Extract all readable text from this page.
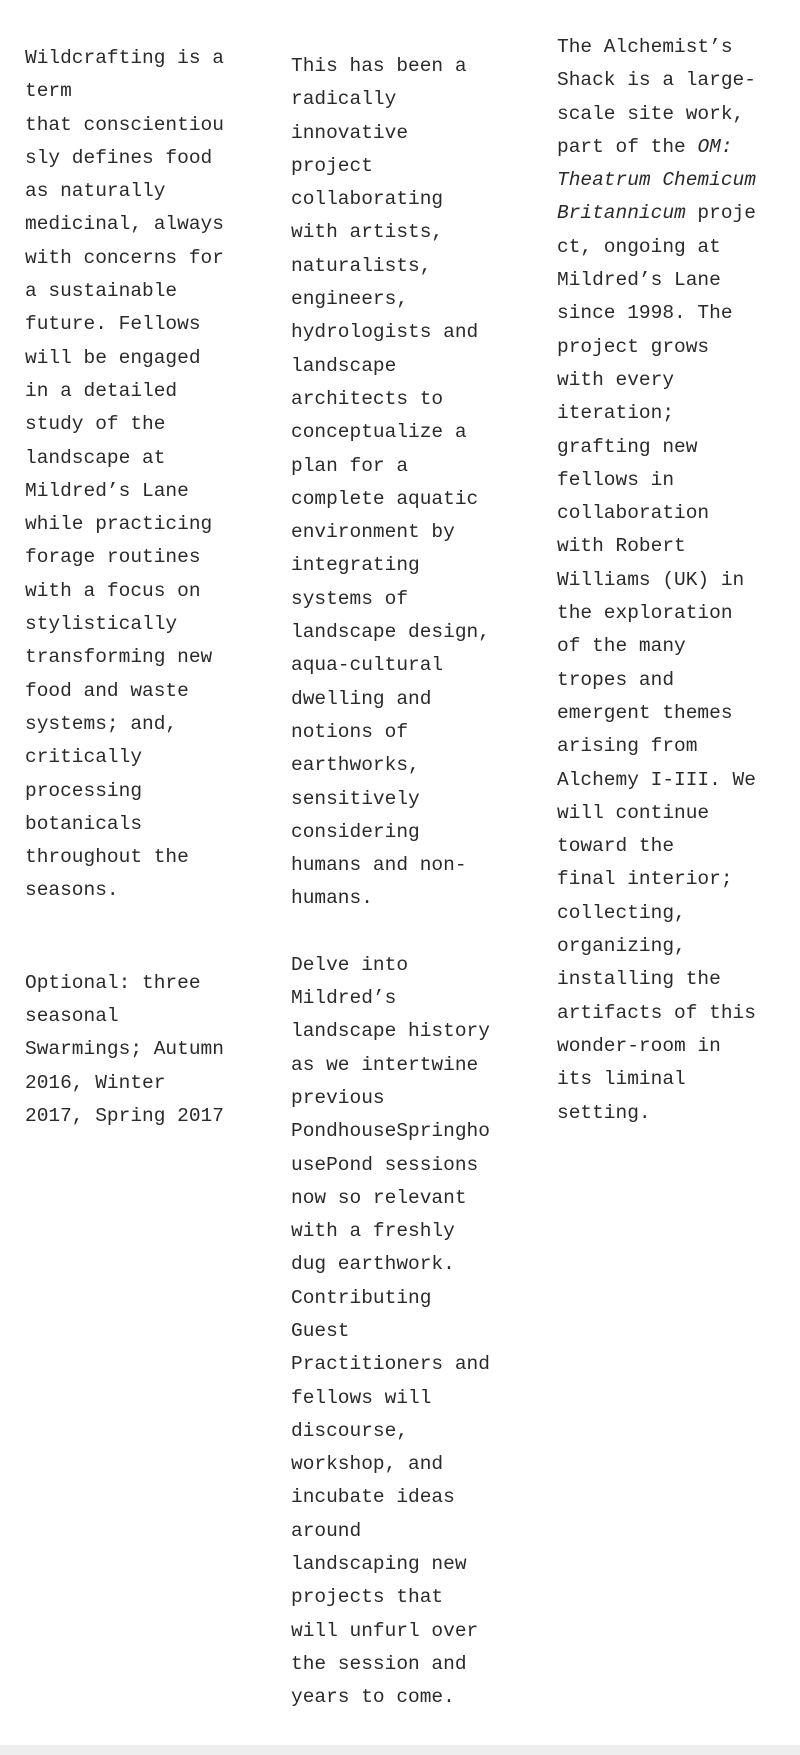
Wildcrafting is a
term
that conscientiou
sly defines food
as naturally
medicinal, always
with concerns for
a sustainable
future. Fellows
will be engaged
in a detailed
study of the
landscape at
Mildred’s Lane
while practicing
forage routines
with a focus on
stylistically
transforming new
food and waste
systems; and,
critically
processing
botanicals
throughout the
seasons.

Optional: three
seasonal
Swarmings; Autumn
2016, Winter
2017, Spring 2017

This has been a
radically
innovative
project
collaborating
with artists,
naturalists,
engineers,
hydrologists and
landscape
architects to
conceptualize a
plan for a
complete aquatic
environment by
integrating
systems of
landscape design,
aqua-cultural
dwelling and
notions of
earthworks,
sensitively
considering
humans and non-
humans.

Delve into
Mildred’s
landscape history
as we intertwine
previous
PondhouseSpringho
usePond sessions
now so relevant
with a freshly
dug earthwork.
Contributing
Guest
Practitioners and
fellows will
discourse,
workshop, and
incubate ideas
around
landscaping new
projects that
will unfurl over
the session and
years to come.

The Alchemist’s
Shack is a large-
scale site work,
part of the OM:
Theatrum Chemicum
Britannicum proje
ct, ongoing at
Mildred’s Lane
since 1998. The
project grows
with every
iteration;
grafting new
fellows in
collaboration
with Robert
Williams (UK) in
the exploration
of the many
tropes and
emergent themes
arising from
Alchemy I-III. We
will continue
toward the
final interior;
collecting,
organizing,
installing the
artifacts of this
wonder-room in
its liminal
setting.
